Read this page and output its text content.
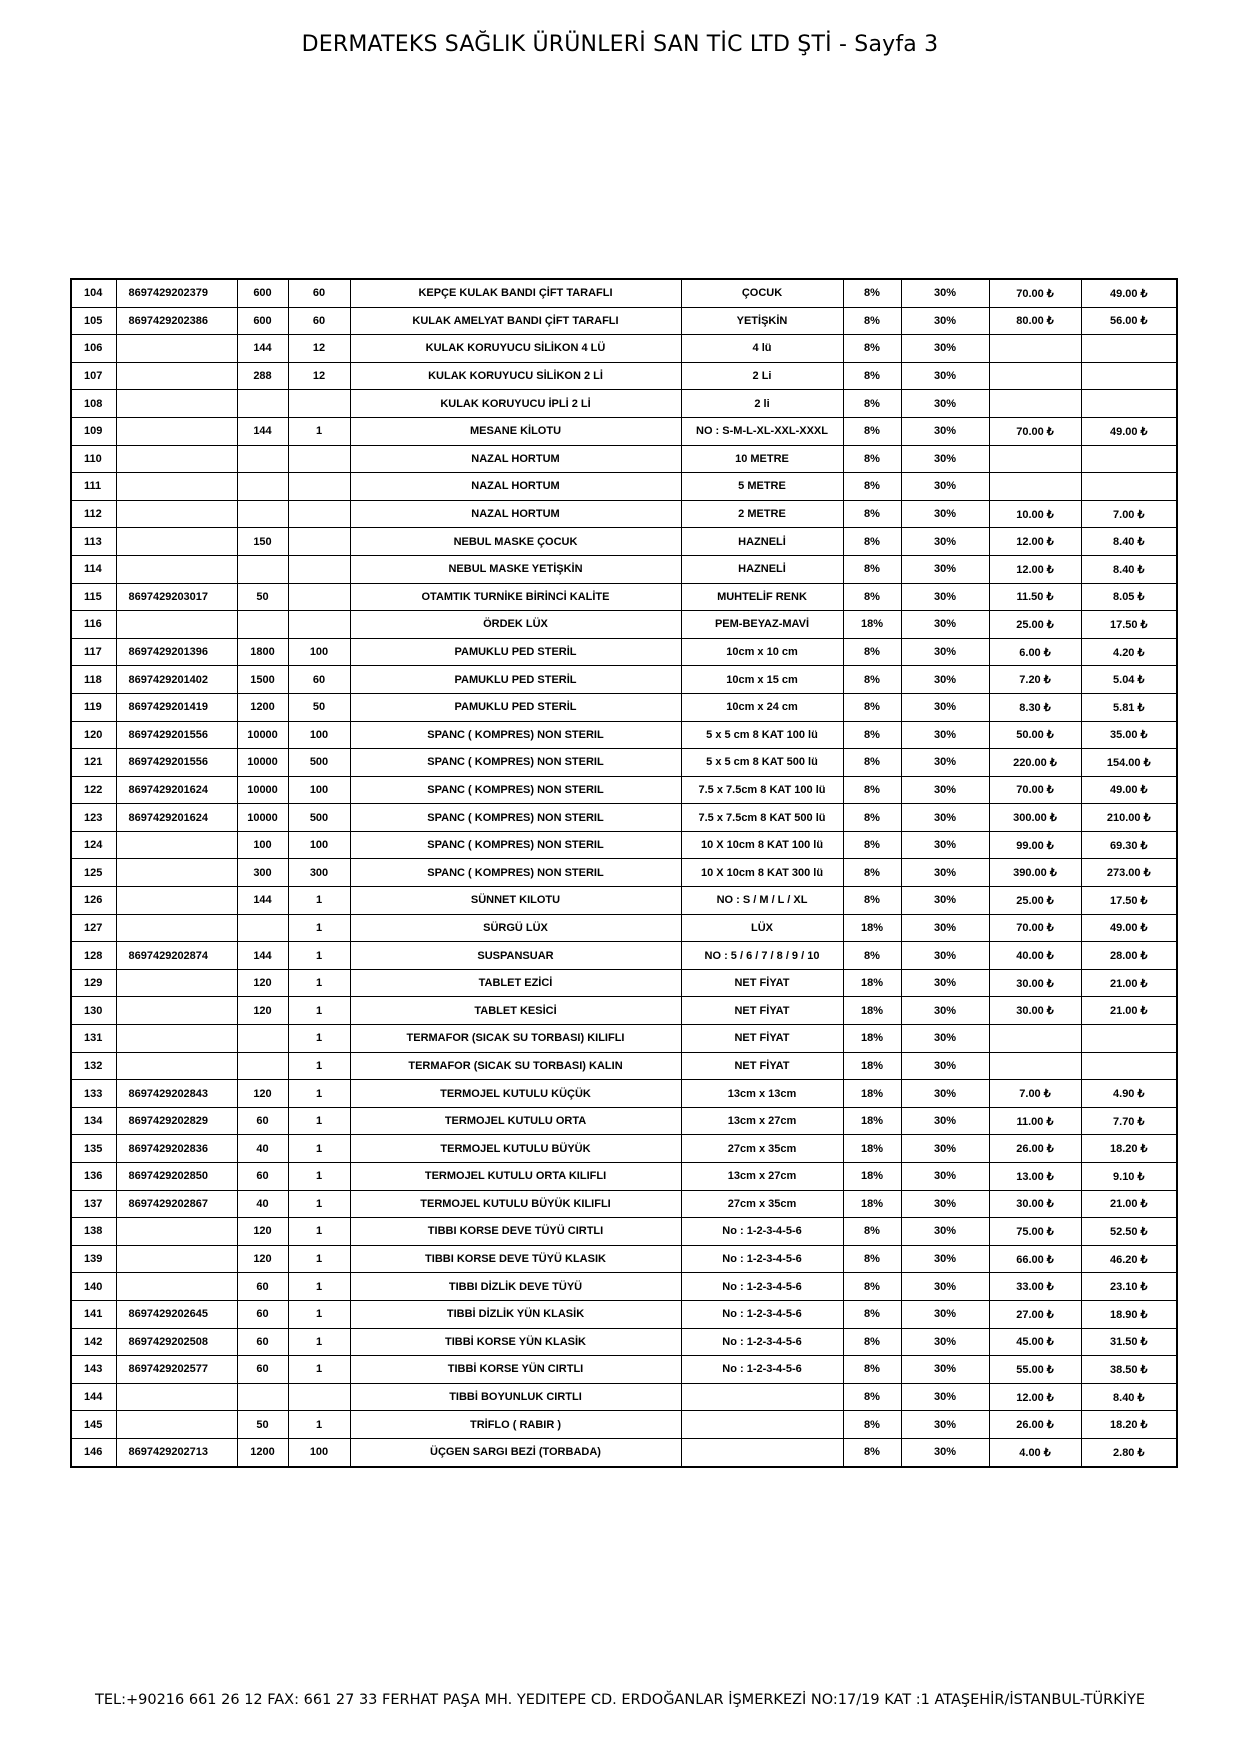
DERMATEKS SAĞLIK ÜRÜNLERİ SAN TİC LTD ŞTİ - Sayfa 3
104	8697429202379	600	60	KEPÇE KULAK BANDI ÇİFT TARAFLI	ÇOCUK	8%	30%	70.00 ₺	49.00 ₺
105	8697429202386	600	60	KULAK AMELYAT BANDI ÇİFT TARAFLI	YETİŞKİN	8%	30%	80.00 ₺	56.00 ₺
106		144	12	KULAK KORUYUCU SİLİKON 4 LÜ	4 lü	8%	30%		
107		288	12	KULAK KORUYUCU SİLİKON 2 Lİ	2 Li	8%	30%		
108				KULAK KORUYUCU İPLİ 2 Lİ	2 li	8%	30%		
109		144	1	MESANE KİLOTU	NO : S-M-L-XL-XXL-XXXL	8%	30%	70.00 ₺	49.00 ₺
110				NAZAL HORTUM	10 METRE	8%	30%		
111				NAZAL HORTUM	5 METRE	8%	30%		
112				NAZAL HORTUM	2 METRE	8%	30%	10.00 ₺	7.00 ₺
113		150		NEBUL MASKE ÇOCUK	HAZNELİ	8%	30%	12.00 ₺	8.40 ₺
114				NEBUL MASKE YETİŞKİN	HAZNELİ	8%	30%	12.00 ₺	8.40 ₺
115	8697429203017	50		OTAMTIK TURNİKE BİRİNCİ KALİTE	MUHTELİF RENK	8%	30%	11.50 ₺	8.05 ₺
116				ÖRDEK LÜX	PEM-BEYAZ-MAVİ	18%	30%	25.00 ₺	17.50 ₺
117	8697429201396	1800	100	PAMUKLU PED STERİL	10cm x 10 cm	8%	30%	6.00 ₺	4.20 ₺
118	8697429201402	1500	60	PAMUKLU PED STERİL	10cm x 15 cm	8%	30%	7.20 ₺	5.04 ₺
119	8697429201419	1200	50	PAMUKLU PED STERİL	10cm x 24 cm	8%	30%	8.30 ₺	5.81 ₺
120	8697429201556	10000	100	SPANC ( KOMPRES) NON STERIL	5 x 5 cm 8 KAT 100 lü	8%	30%	50.00 ₺	35.00 ₺
121	8697429201556	10000	500	SPANC ( KOMPRES) NON STERIL	5 x 5 cm 8 KAT 500 lü	8%	30%	220.00 ₺	154.00 ₺
122	8697429201624	10000	100	SPANC ( KOMPRES) NON STERIL	7.5 x 7.5cm 8 KAT 100 lü	8%	30%	70.00 ₺	49.00 ₺
123	8697429201624	10000	500	SPANC ( KOMPRES) NON STERIL	7.5 x 7.5cm 8 KAT 500 lü	8%	30%	300.00 ₺	210.00 ₺
124		100	100	SPANC ( KOMPRES) NON STERIL	10 X 10cm 8 KAT 100 lü	8%	30%	99.00 ₺	69.30 ₺
125		300	300	SPANC ( KOMPRES) NON STERIL	10 X 10cm 8 KAT 300 lü	8%	30%	390.00 ₺	273.00 ₺
126		144	1	SÜNNET KILOTU	NO : S / M / L / XL	8%	30%	25.00 ₺	17.50 ₺
127			1	SÜRGÜ LÜX	LÜX	18%	30%	70.00 ₺	49.00 ₺
128	8697429202874	144	1	SUSPANSUAR	NO : 5 / 6 / 7 / 8 / 9 / 10	8%	30%	40.00 ₺	28.00 ₺
129		120	1	TABLET EZİCİ	NET FİYAT	18%	30%	30.00 ₺	21.00 ₺
130		120	1	TABLET KESİCİ	NET FİYAT	18%	30%	30.00 ₺	21.00 ₺
131			1	TERMAFOR (SICAK SU TORBASI) KILIFLI	NET FİYAT	18%	30%		
132			1	TERMAFOR (SICAK SU TORBASI) KALIN	NET FİYAT	18%	30%		
133	8697429202843	120	1	TERMOJEL KUTULU KÜÇÜK	13cm x 13cm	18%	30%	7.00 ₺	4.90 ₺
134	8697429202829	60	1	TERMOJEL KUTULU ORTA	13cm x 27cm	18%	30%	11.00 ₺	7.70 ₺
135	8697429202836	40	1	TERMOJEL KUTULU BÜYÜK	27cm x 35cm	18%	30%	26.00 ₺	18.20 ₺
136	8697429202850	60	1	TERMOJEL KUTULU ORTA KILIFLI	13cm x 27cm	18%	30%	13.00 ₺	9.10 ₺
137	8697429202867	40	1	TERMOJEL KUTULU BÜYÜK KILIFLI	27cm x 35cm	18%	30%	30.00 ₺	21.00 ₺
138		120	1	TIBBI KORSE DEVE TÜYÜ CIRTLI	No : 1-2-3-4-5-6	8%	30%	75.00 ₺	52.50 ₺
139		120	1	TIBBI KORSE DEVE TÜYÜ KLASIK	No : 1-2-3-4-5-6	8%	30%	66.00 ₺	46.20 ₺
140		60	1	TIBBI DİZLİK DEVE TÜYÜ	No : 1-2-3-4-5-6	8%	30%	33.00 ₺	23.10 ₺
141	8697429202645	60	1	TIBBİ DİZLİK YÜN KLASİK	No : 1-2-3-4-5-6	8%	30%	27.00 ₺	18.90 ₺
142	8697429202508	60	1	TIBBİ KORSE YÜN KLASİK	No : 1-2-3-4-5-6	8%	30%	45.00 ₺	31.50 ₺
143	8697429202577	60	1	TIBBİ KORSE YÜN CIRTLI	No : 1-2-3-4-5-6	8%	30%	55.00 ₺	38.50 ₺
144				TIBBİ BOYUNLUK CIRTLI		8%	30%	12.00 ₺	8.40 ₺
145		50	1	TRİFLO ( RABIR )		8%	30%	26.00 ₺	18.20 ₺
146	8697429202713	1200	100	ÜÇGEN SARGI BEZİ (TORBADA)		8%	30%	4.00 ₺	2.80 ₺
TEL:+90216 661 26 12 FAX: 661 27 33 FERHAT PAŞA MH. YEDITEPE CD. ERDOĞANLAR İŞMERKEZİ NO:17/19 KAT :1 ATAŞEHİR/İSTANBUL-TÜRKİYE
